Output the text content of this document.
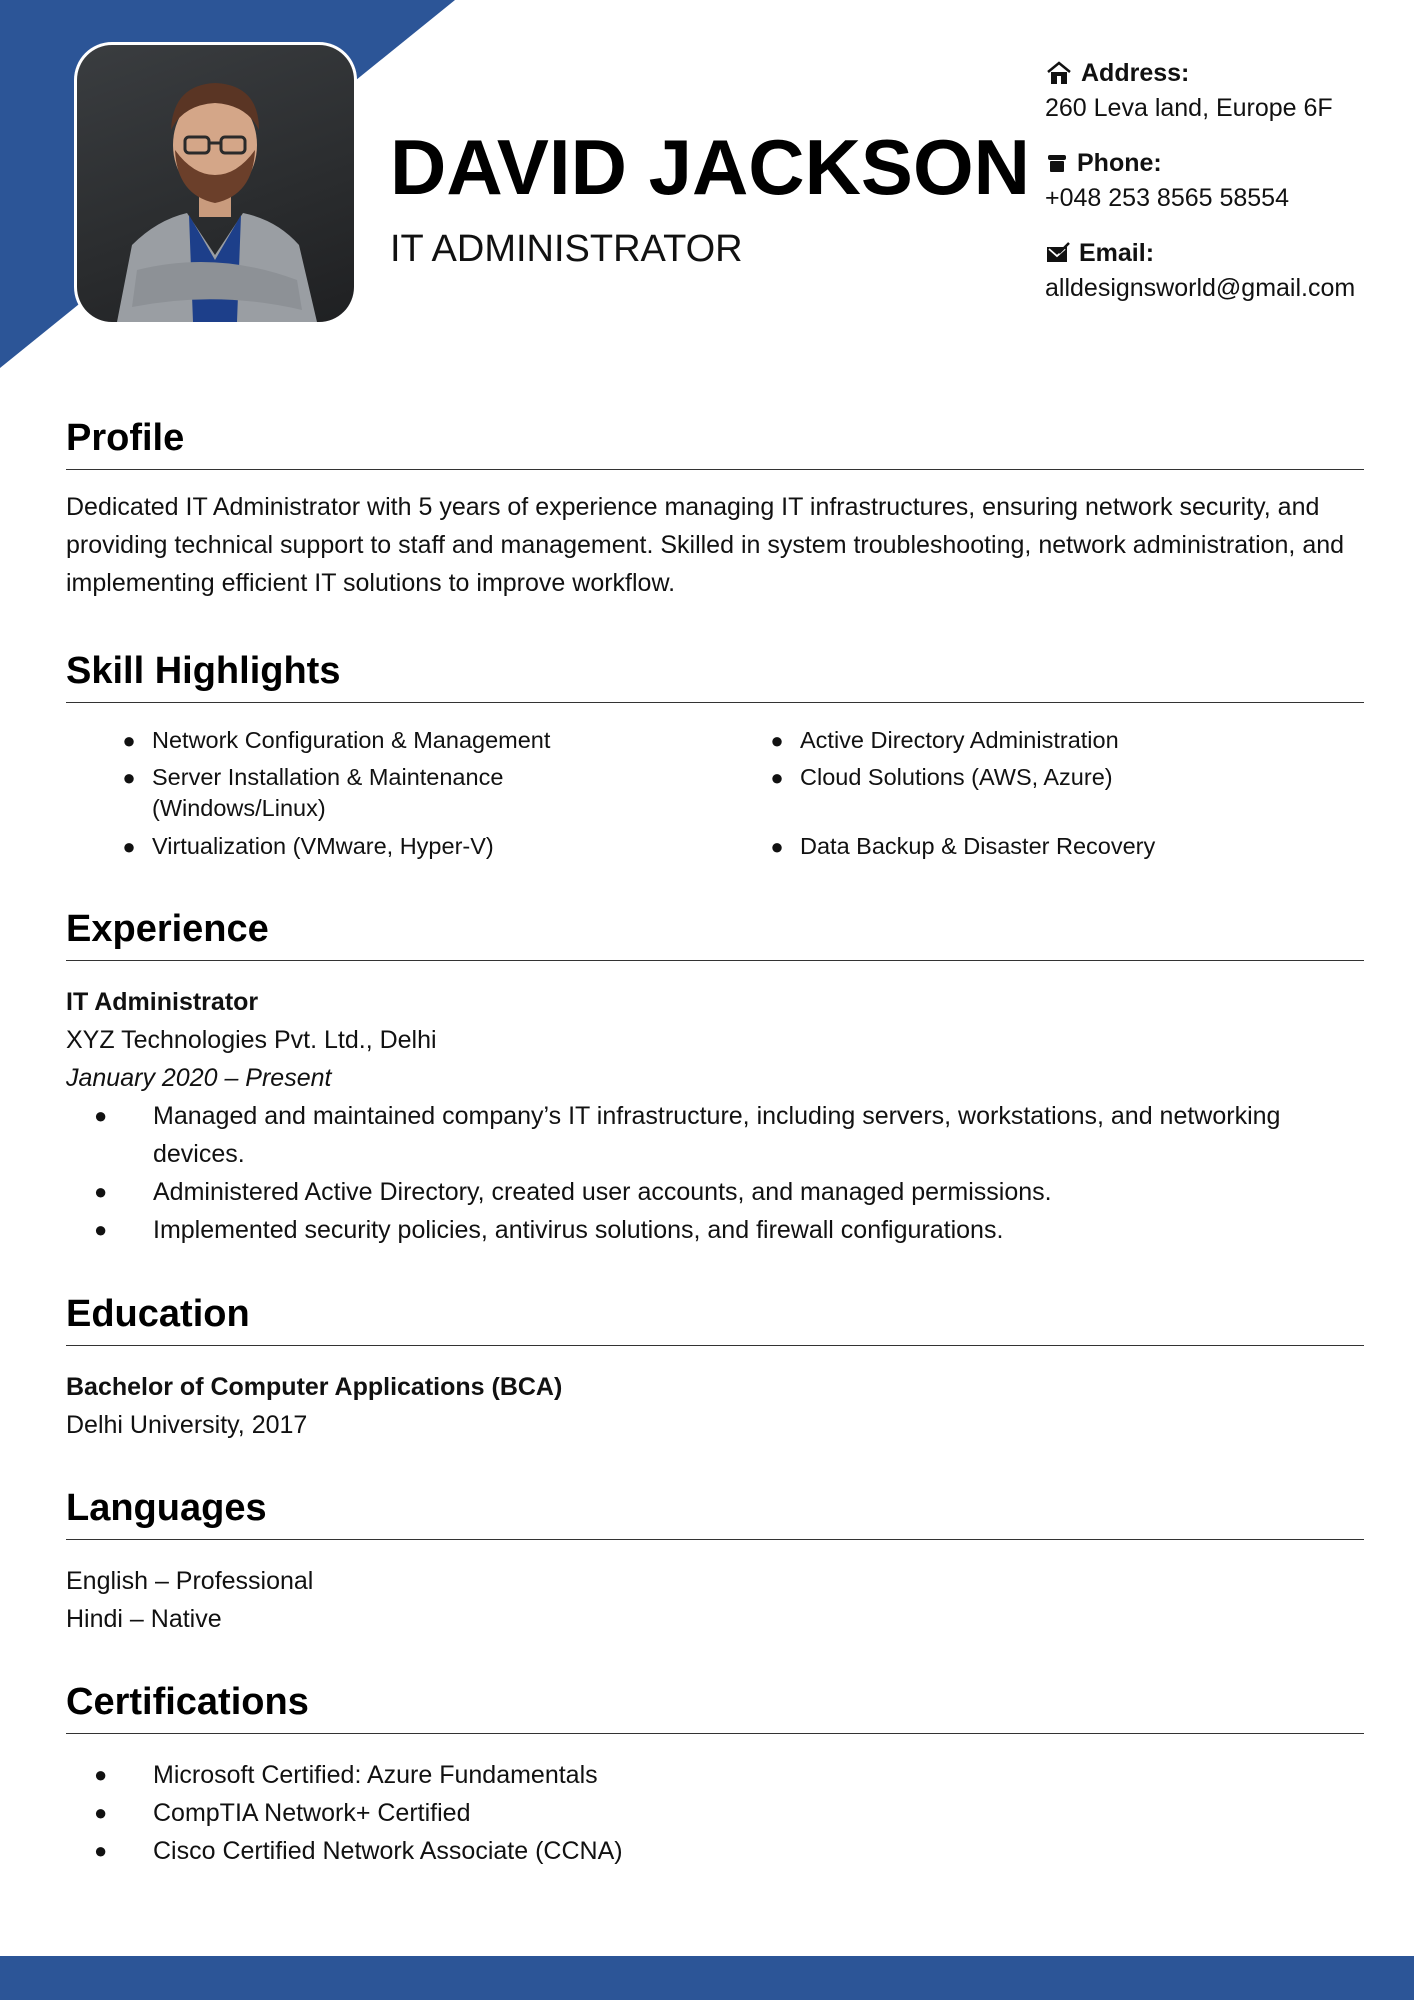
DAVID JACKSON
IT ADMINISTRATOR
Address:
260 Leva land, Europe 6F
Phone:
+048 253 8565 58554
Email:
alldesignsworld@gmail.com
Profile
Dedicated IT Administrator with 5 years of experience managing IT infrastructures, ensuring network security, and providing technical support to staff and management. Skilled in system troubleshooting, network administration, and implementing efficient IT solutions to improve workflow.
Skill Highlights
● Network Configuration & Management
● Server Installation & Maintenance (Windows/Linux)
● Virtualization (VMware, Hyper-V)
● Active Directory Administration
● Cloud Solutions (AWS, Azure)
● Data Backup & Disaster Recovery
Experience
IT Administrator
XYZ Technologies Pvt. Ltd., Delhi
January 2020 – Present
●	Managed and maintained company’s IT infrastructure, including servers, workstations, and networking devices.
●	Administered Active Directory, created user accounts, and managed permissions.
●	Implemented security policies, antivirus solutions, and firewall configurations.
Education
Bachelor of Computer Applications (BCA)
Delhi University, 2017
Languages
English – Professional
Hindi – Native
Certifications
●	Microsoft Certified: Azure Fundamentals
●	CompTIA Network+ Certified
●	Cisco Certified Network Associate (CCNA)
